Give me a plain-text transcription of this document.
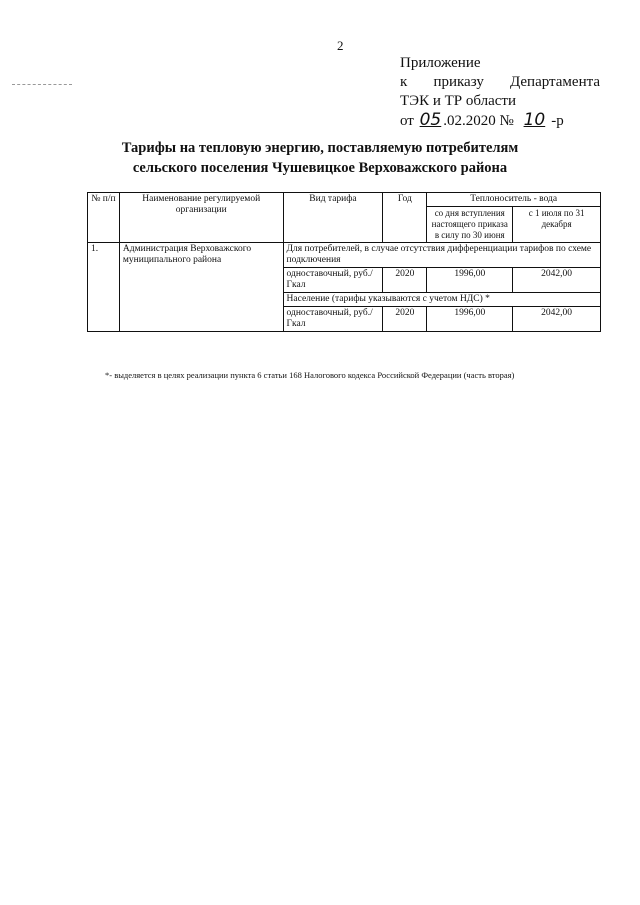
2
Приложение
к приказу Департамента
ТЭК и ТР области
от 05 .02.2020 № 10 -р
Тарифы на тепловую энергию, поставляемую потребителям
сельского поселения Чушевицкое Верховажского района
№ п/п	Наименование регулируемой организации	Вид тарифа	Год	Теплоноситель - вода	
				со дня вступления настоящего приказа в силу по 30 июня	с 1 июля по 31 декабря
1.	Администрация Верховажского муниципального района	Для потребителей, в случае отсутствия дифференциации тарифов по схеме подключения			
		одноставочный, руб./Гкал	2020	1996,00	2042,00
		Население (тарифы указываются с учетом НДС) *			
		одноставочный, руб./Гкал	2020	1996,00	2042,00
*- выделяется в целях реализации пункта 6 статьи 168 Налогового кодекса Российской Федерации (часть вторая)
